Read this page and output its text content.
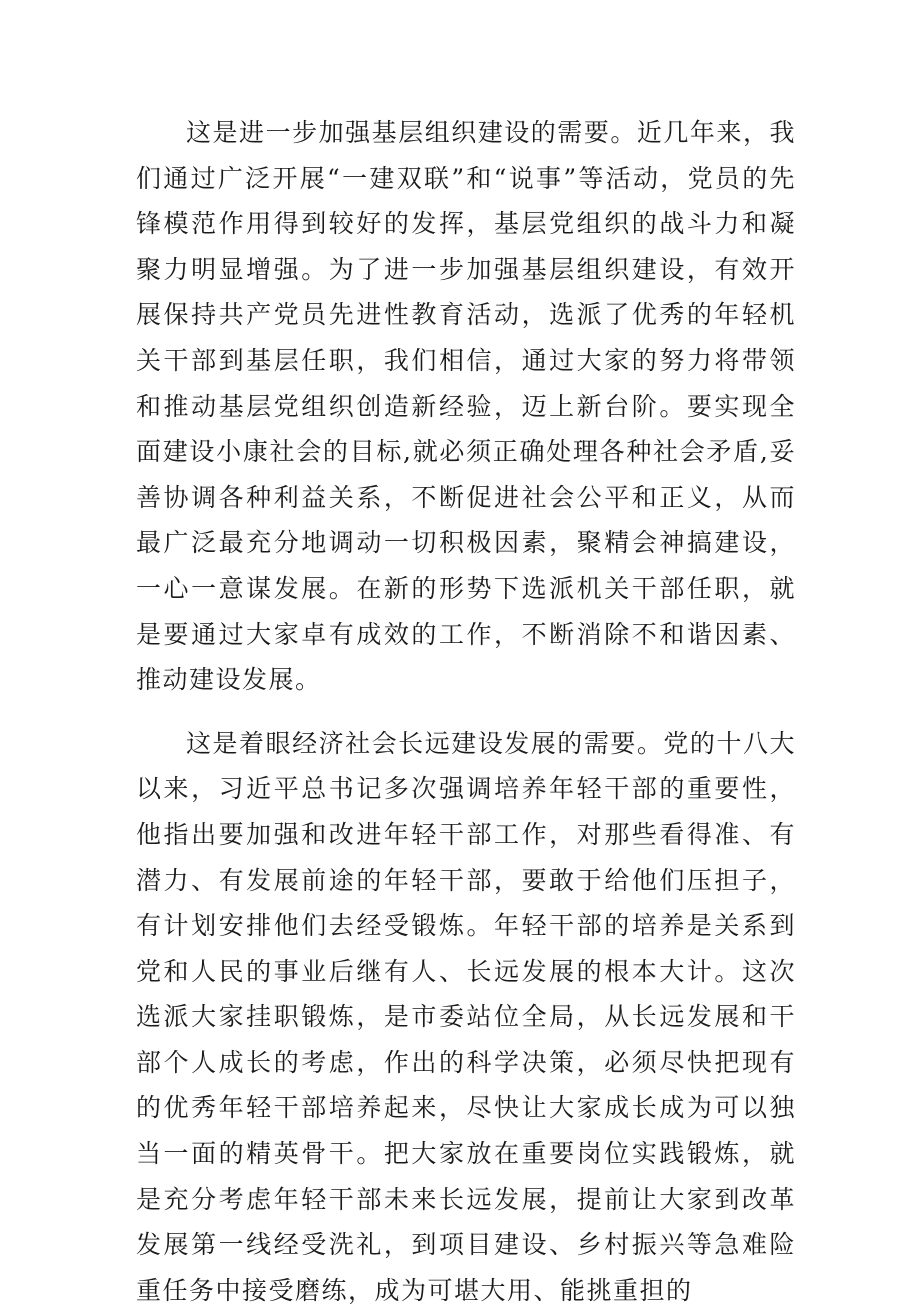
这是进一步加强基层组织建设的需要。近几年来，我们通过广泛开展“一建双联”和“说事”等活动，党员的先锋模范作用得到较好的发挥，基层党组织的战斗力和凝聚力明显增强。为了进一步加强基层组织建设，有效开展保持共产党员先进性教育活动，选派了优秀的年轻机关干部到基层任职，我们相信，通过大家的努力将带领和推动基层党组织创造新经验，迈上新台阶。要实现全面建设小康社会的目标,就必须正确处理各种社会矛盾,妥善协调各种利益关系，不断促进社会公平和正义，从而最广泛最充分地调动一切积极因素，聚精会神搞建设，一心一意谋发展。在新的形势下选派机关干部任职，就是要通过大家卓有成效的工作，不断消除不和谐因素、推动建设发展。

这是着眼经济社会长远建设发展的需要。党的十八大以来，习近平总书记多次强调培养年轻干部的重要性，他指出要加强和改进年轻干部工作，对那些看得准、有潜力、有发展前途的年轻干部，要敢于给他们压担子，有计划安排他们去经受锻炼。年轻干部的培养是关系到党和人民的事业后继有人、长远发展的根本大计。这次选派大家挂职锻炼，是市委站位全局，从长远发展和干部个人成长的考虑，作出的科学决策，必须尽快把现有的优秀年轻干部培养起来，尽快让大家成长成为可以独当一面的精英骨干。把大家放在重要岗位实践锻炼，就是充分考虑年轻干部未来长远发展，提前让大家到改革发展第一线经受洗礼，到项目建设、乡村振兴等急难险重任务中接受磨练，成为可堪大用、能挑重担的
